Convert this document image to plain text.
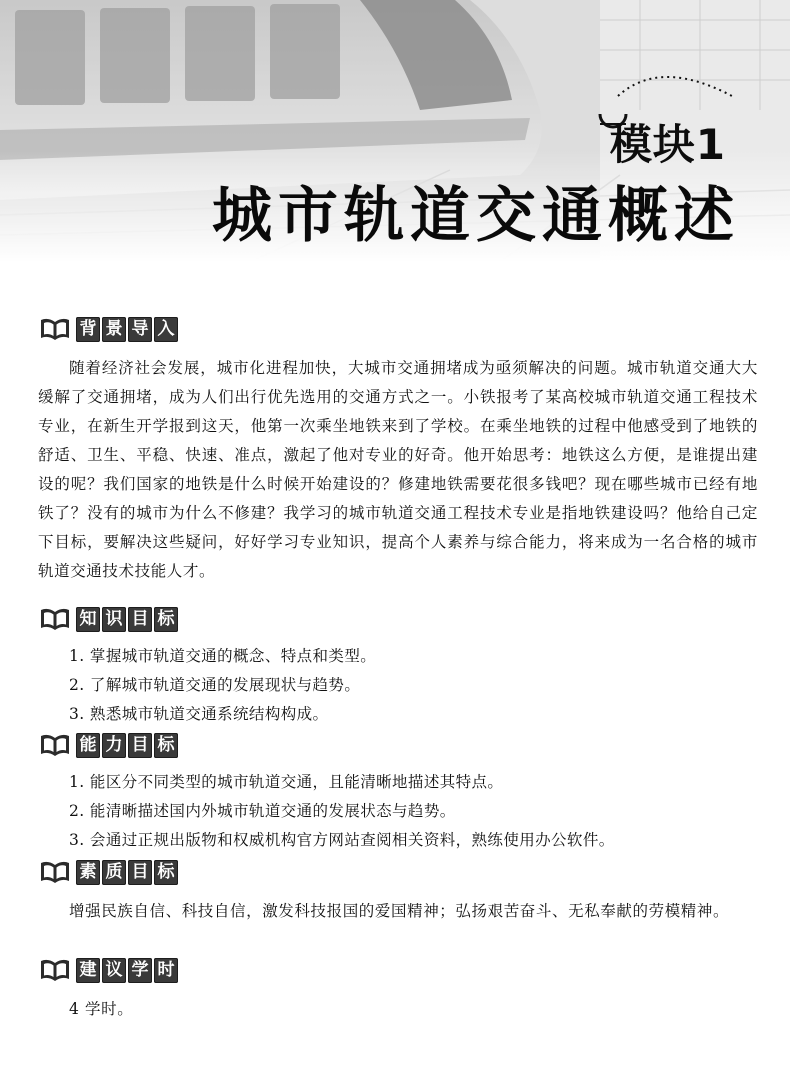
模块1
城市轨道交通概述
背 景 导 入

随着经济社会发展，城市化进程加快，大城市交通拥堵成为亟须解决的问题。城市轨道交通大大缓解了交通拥堵，成为人们出行优先选用的交通方式之一。小铁报考了某高校城市轨道交通工程技术专业，在新生开学报到这天，他第一次乘坐地铁来到了学校。在乘坐地铁的过程中他感受到了地铁的舒适、卫生、平稳、快速、准点，激起了他对专业的好奇。他开始思考：地铁这么方便，是谁提出建设的呢？我们国家的地铁是什么时候开始建设的？修建地铁需要花很多钱吧？现在哪些城市已经有地铁了？没有的城市为什么不修建？我学习的城市轨道交通工程技术专业是指地铁建设吗？他给自己定下目标，要解决这些疑问，好好学习专业知识，提高个人素养与综合能力，将来成为一名合格的城市轨道交通技术技能人才。

知 识 目 标
1. 掌握城市轨道交通的概念、特点和类型。
2. 了解城市轨道交通的发展现状与趋势。
3. 熟悉城市轨道交通系统结构构成。
能 力 目 标
1. 能区分不同类型的城市轨道交通，且能清晰地描述其特点。
2. 能清晰描述国内外城市轨道交通的发展状态与趋势。
3. 会通过正规出版物和权威机构官方网站查阅相关资料，熟练使用办公软件。
素 质 目 标

增强民族自信、科技自信，激发科技报国的爱国精神；弘扬艰苦奋斗、无私奉献的劳模精神。

建 议 学 时

4 学时。
